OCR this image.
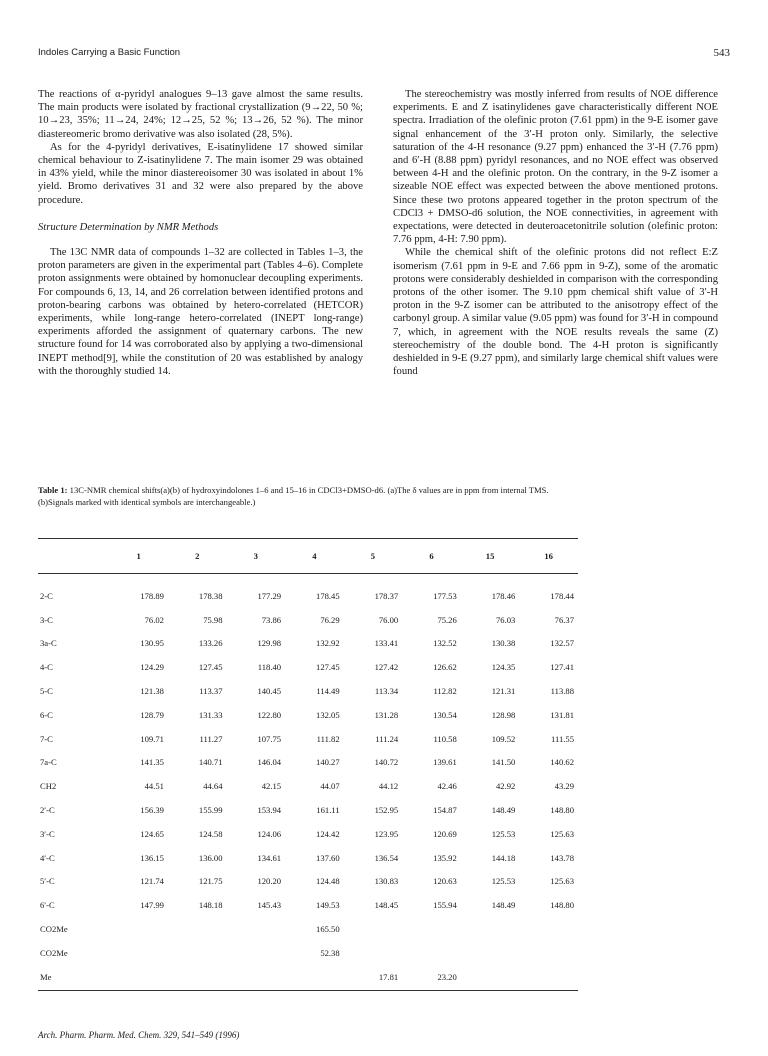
Indoles Carrying a Basic Function	543

The reactions of α-pyridyl analogues 9–13 gave almost the same results. The main products were isolated by fractional crystallization (9→22, 50 %; 10→23, 35%; 11→24, 24%; 12→25, 52 %; 13→26, 52 %). The minor diastereomeric bromo derivative was also isolated (28, 5%).

As for the 4-pyridyl derivatives, E-isatinylidene 17 showed similar chemical behaviour to Z-isatinylidene 7. The main isomer 29 was obtained in 43% yield, while the minor diastereoisomer 30 was isolated in about 1% yield. Bromo derivatives 31 and 32 were also prepared by the above procedure.

Structure Determination by NMR Methods

The 13C NMR data of compounds 1–32 are collected in Tables 1–3, the proton parameters are given in the experimental part (Tables 4–6). Complete proton assignments were obtained by homonuclear decoupling experiments. For compounds 6, 13, 14, and 26 correlation between identified protons and proton-bearing carbons was obtained by hetero-correlated (HETCOR) experiments, while long-range hetero-correlated (INEPT long-range) experiments afforded the assignment of quaternary carbons. The new structure found for 14 was corroborated also by applying a two-dimensional INEPT method[9], while the constitution of 20 was established by analogy with the thoroughly studied 14.

The stereochemistry was mostly inferred from results of NOE difference experiments. E and Z isatinylidenes gave characteristically different NOE spectra. Irradiation of the olefinic proton (7.61 ppm) in the 9-E isomer gave signal enhancement of the 3′-H proton only. Similarly, the selective saturation of the 4-H resonance (9.27 ppm) enhanced the 3′-H (7.76 ppm) and 6′-H (8.88 ppm) pyridyl resonances, and no NOE effect was observed between 4-H and the olefinic proton. On the contrary, in the 9-Z isomer a sizeable NOE effect was expected between the above mentioned protons. Since these two protons appeared together in the proton spectrum of the CDCl3 + DMSO-d6 solution, the NOE connectivities, in agreement with expectations, were detected in deuteroacetonitrile solution (olefinic proton: 7.76 ppm, 4-H: 7.90 ppm).

While the chemical shift of the olefinic protons did not reflect E:Z isomerism (7.61 ppm in 9-E and 7.66 ppm in 9-Z), some of the aromatic protons were considerably deshielded in comparison with the corresponding protons of the other isomer. The 9.10 ppm chemical shift value of 3′-H proton in the 9-Z isomer can be attributed to the anisotropy effect of the carbonyl group. A similar value (9.05 ppm) was found for 3′-H in compound 7, which, in agreement with the NOE results reveals the same (Z) stereochemistry of the double bond. The 4-H proton is significantly deshielded in 9-E (9.27 ppm), and similarly large chemical shift values were found

Table 1: 13C-NMR chemical shifts(a)(b) of hydroxyindolones 1–6 and 15–16 in CDCl3+DMSO-d6. (a)The δ values are in ppm from internal TMS. (b)Signals marked with identical symbols are interchangeable.)
	1	2	3	4	5	6	15	16
2-C	178.89	178.38	177.29	178.45	178.37	177.53	178.46	178.44
3-C	76.02	75.98	73.86	76.29	76.00	75.26	76.03	76.37
3a-C	130.95	133.26	129.98	132.92	133.41	132.52	130.38	132.57
4-C	124.29	127.45	118.40	127.45	127.42	126.62	124.35	127.41
5-C	121.38	113.37	140.45	114.49	113.34	112.82	121.31	113.88
6-C	128.79	131.33	122.80	132.05	131.28	130.54	128.98	131.81
7-C	109.71	111.27	107.75	111.82	111.24	110.58	109.52	111.55
7a-C	141.35	140.71	146.04	140.27	140.72	139.61	141.50	140.62
CH2	44.51	44.64	42.15	44.07	44.12	42.46	42.92	43.29
2′-C	156.39	155.99	153.94	161.11	152.95	154.87	148.49	148.80
3′-C	124.65	124.58	124.06	124.42	123.95	120.69	125.53	125.63
4′-C	136.15	136.00	134.61	137.60	136.54	135.92	144.18	143.78
5′-C	121.74	121.75	120.20	124.48	130.83	120.63	125.53	125.63
6′-C	147.99	148.18	145.43	149.53	148.45	155.94	148.49	148.80
CO2Me				165.50				
CO2Me				52.38				
Me					17.81	23.20		
Arch. Pharm. Pharm. Med. Chem. 329, 541–549 (1996)
